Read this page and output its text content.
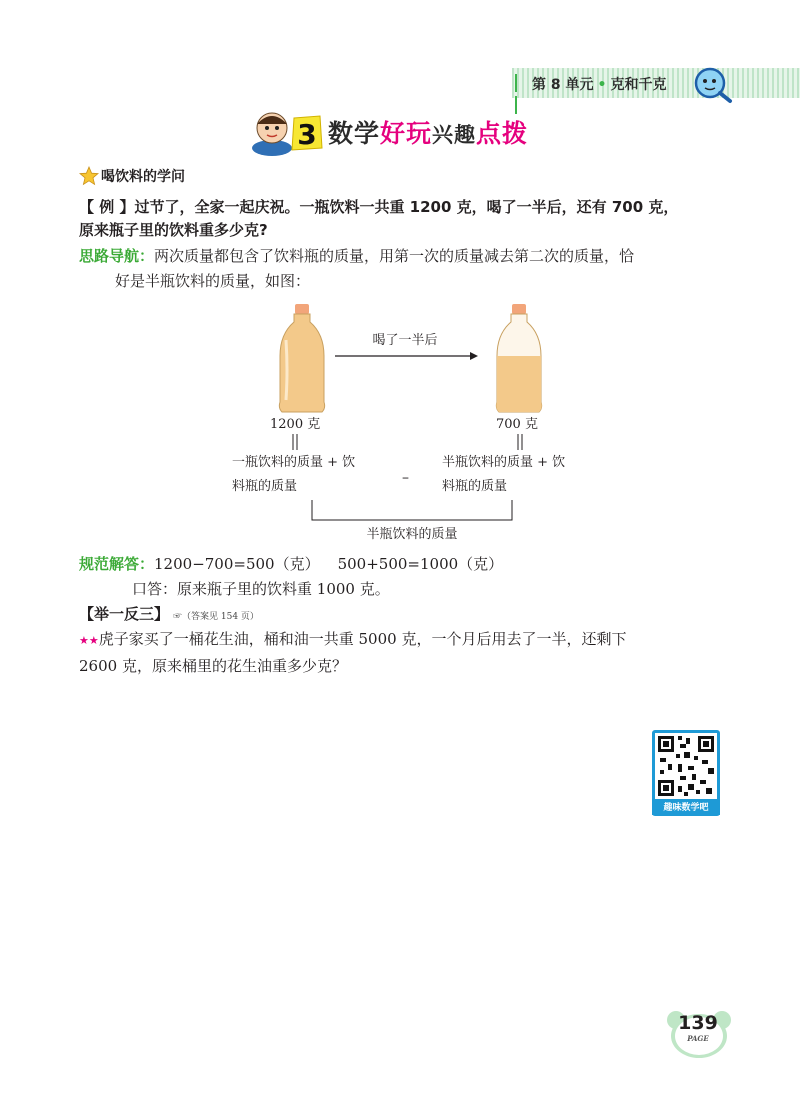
第 8 单元 • 克和千克
3 数学好玩兴趣点拨
喝饮料的学问
【 例 】过节了，全家一起庆祝。一瓶饮料一共重 1200 克，喝了一半后，还有 700 克，
原来瓶子里的饮料重多少克?
思路导航：两次质量都包含了饮料瓶的质量，用第一次的质量减去第二次的质量，恰
好是半瓶饮料的质量，如图：
喝了一半后
1200 克	700 克
一瓶饮料的质量 + 饮
料瓶的质量
–
半瓶饮料的质量 + 饮
料瓶的质量
半瓶饮料的质量
规范解答：1200−700=500（克） 500+500=1000（克）
口答：原来瓶子里的饮料重 1000 克。
【举一反三】 ☞（答案见 154 页）
★★虎子家买了一桶花生油，桶和油一共重 5000 克，一个月后用去了一半，还剩下
2600 克，原来桶里的花生油重多少克？
趣味数学吧
139
PAGE
